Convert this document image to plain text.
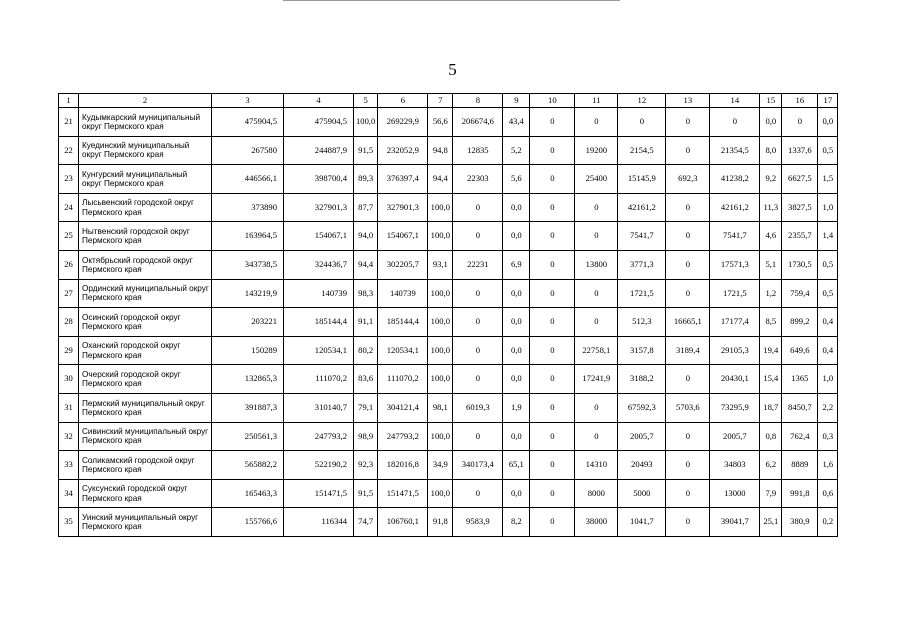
5
1	2	3	4	5	6	7	8	9	10	11	12	13	14	15	16	17
21	Кудымкарский муниципальный округ Пермского края	475904,5	475904,5	100,0	269229,9	56,6	206674,6	43,4	0	0	0	0	0	0,0	0	0,0
22	Куединский муниципальный округ Пермского края	267580	244887,9	91,5	232052,9	94,8	12835	5,2	0	19200	2154,5	0	21354,5	8,0	1337,6	0,5
23	Кунгурский муниципальный округ Пермского края	446566,1	398700,4	89,3	376397,4	94,4	22303	5,6	0	25400	15145,9	692,3	41238,2	9,2	6627,5	1,5
24	Лысьвенский городской округ Пермского края	373890	327901,3	87,7	327901,3	100,0	0	0,0	0	0	42161,2	0	42161,2	11,3	3827,5	1,0
25	Нытвенский городской округ Пермского края	163964,5	154067,1	94,0	154067,1	100,0	0	0,0	0	0	7541,7	0	7541,7	4,6	2355,7	1,4
26	Октябрьский городской округ Пермского края	343738,5	324436,7	94,4	302205,7	93,1	22231	6,9	0	13800	3771,3	0	17571,3	5,1	1730,5	0,5
27	Ординский муниципальный округ Пермского края	143219,9	140739	98,3	140739	100,0	0	0,0	0	0	1721,5	0	1721,5	1,2	759,4	0,5
28	Осинский городской округ Пермского края	203221	185144,4	91,1	185144,4	100,0	0	0,0	0	0	512,3	16665,1	17177,4	8,5	899,2	0,4
29	Оханский городской округ Пермского края	150289	120534,1	80,2	120534,1	100,0	0	0,0	0	22758,1	3157,8	3189,4	29105,3	19,4	649,6	0,4
30	Очерский городской округ Пермского края	132865,3	111070,2	83,6	111070,2	100,0	0	0,0	0	17241,9	3188,2	0	20430,1	15,4	1365	1,0
31	Пермский муниципальный округ Пермского края	391887,3	310140,7	79,1	304121,4	98,1	6019,3	1,9	0	0	67592,3	5703,6	73295,9	18,7	8450,7	2,2
32	Сивинский муниципальный округ Пермского края	250561,3	247793,2	98,9	247793,2	100,0	0	0,0	0	0	2005,7	0	2005,7	0,8	762,4	0,3
33	Соликамский городской округ Пермского края	565882,2	522190,2	92,3	182016,8	34,9	340173,4	65,1	0	14310	20493	0	34803	6,2	8889	1,6
34	Суксунский городской округ Пермского края	165463,3	151471,5	91,5	151471,5	100,0	0	0,0	0	8000	5000	0	13000	7,9	991,8	0,6
35	Уинский муниципальный округ Пермского края	155766,6	116344	74,7	106760,1	91,8	9583,9	8,2	0	38000	1041,7	0	39041,7	25,1	380,9	0,2
